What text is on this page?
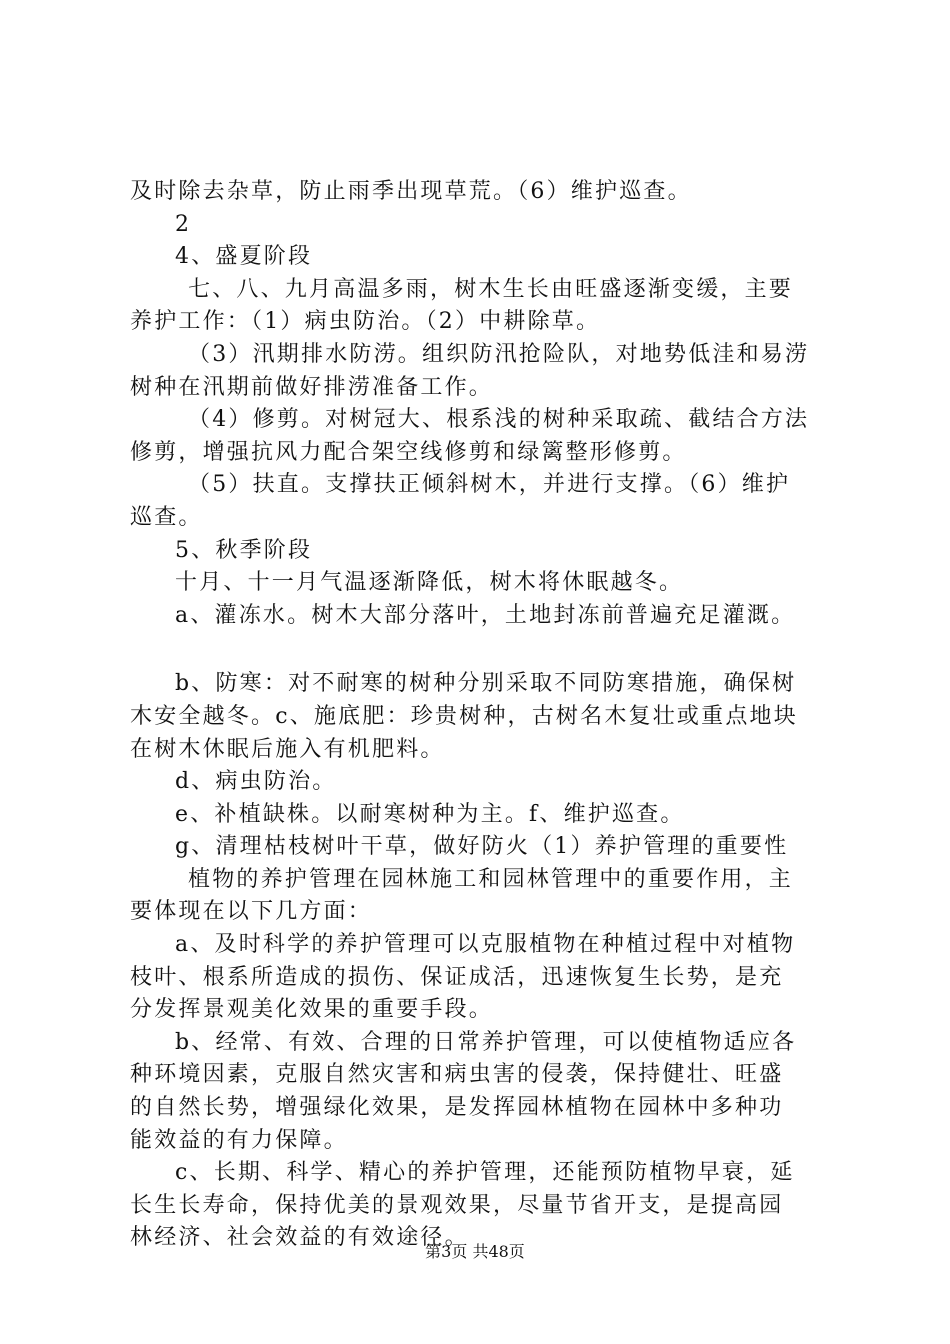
及时除去杂草，防止雨季出现草荒。（6）维护巡查。
2
4、盛夏阶段
七、八、九月高温多雨，树木生长由旺盛逐渐变缓，主要
养护工作：（1）病虫防治。（2）中耕除草。
（3）汛期排水防涝。组织防汛抢险队，对地势低洼和易涝
树种在汛期前做好排涝准备工作。
（4）修剪。对树冠大、根系浅的树种采取疏、截结合方法
修剪，增强抗风力配合架空线修剪和绿篱整形修剪。
（5）扶直。支撑扶正倾斜树木，并进行支撑。（6）维护
巡查。
5、秋季阶段
十月、十一月气温逐渐降低，树木将休眠越冬。
a、灌冻水。树木大部分落叶，土地封冻前普遍充足灌溉。
b、防寒：对不耐寒的树种分别采取不同防寒措施，确保树
木安全越冬。c、施底肥：珍贵树种，古树名木复壮或重点地块
在树木休眠后施入有机肥料。
d、病虫防治。
e、补植缺株。以耐寒树种为主。f、维护巡查。
g、清理枯枝树叶干草，做好防火（1）养护管理的重要性
植物的养护管理在园林施工和园林管理中的重要作用，主
要体现在以下几方面：
a、及时科学的养护管理可以克服植物在种植过程中对植物
枝叶、根系所造成的损伤、保证成活，迅速恢复生长势，是充
分发挥景观美化效果的重要手段。
b、经常、有效、合理的日常养护管理，可以使植物适应各
种环境因素，克服自然灾害和病虫害的侵袭，保持健壮、旺盛
的自然长势，增强绿化效果，是发挥园林植物在园林中多种功
能效益的有力保障。
c、长期、科学、精心的养护管理，还能预防植物早衰，延
长生长寿命，保持优美的景观效果，尽量节省开支，是提高园
林经济、社会效益的有效途径。
第3页 共48页
